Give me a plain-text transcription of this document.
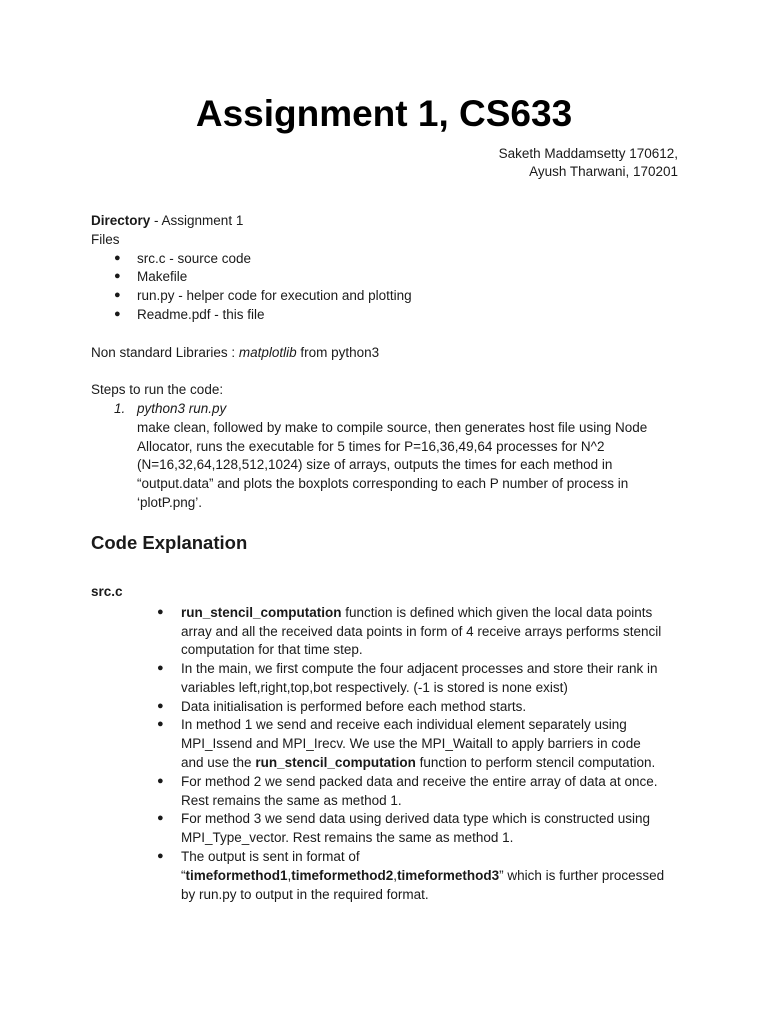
Assignment 1, CS633
Saketh Maddamsetty 170612,
Ayush Tharwani, 170201
Directory - Assignment 1
Files
● src.c - source code
● Makefile
● run.py - helper code for execution and plotting
● Readme.pdf - this file
Non standard Libraries : matplotlib from python3
Steps to run the code:
1. python3 run.py
make clean, followed by make to compile source, then generates host file using Node
Allocator, runs the executable for 5 times for P=16,36,49,64 processes for N^2
(N=16,32,64,128,512,1024) size of arrays, outputs the times for each method in
“output.data” and plots the boxplots corresponding to each P number of process in
‘plotP.png’.
Code Explanation
src.c
● run_stencil_computation function is defined which given the local data points
array and all the received data points in form of 4 receive arrays performs stencil
computation for that time step.
● In the main, we first compute the four adjacent processes and store their rank in
variables left,right,top,bot respectively. (-1 is stored is none exist)
● Data initialisation is performed before each method starts.
● In method 1 we send and receive each individual element separately using
MPI_Issend and MPI_Irecv. We use the MPI_Waitall to apply barriers in code
and use the run_stencil_computation function to perform stencil computation.
● For method 2 we send packed data and receive the entire array of data at once.
Rest remains the same as method 1.
● For method 3 we send data using derived data type which is constructed using
MPI_Type_vector. Rest remains the same as method 1.
● The output is sent in format of
“timeformethod1,timeformethod2,timeformethod3” which is further processed
by run.py to output in the required format.
